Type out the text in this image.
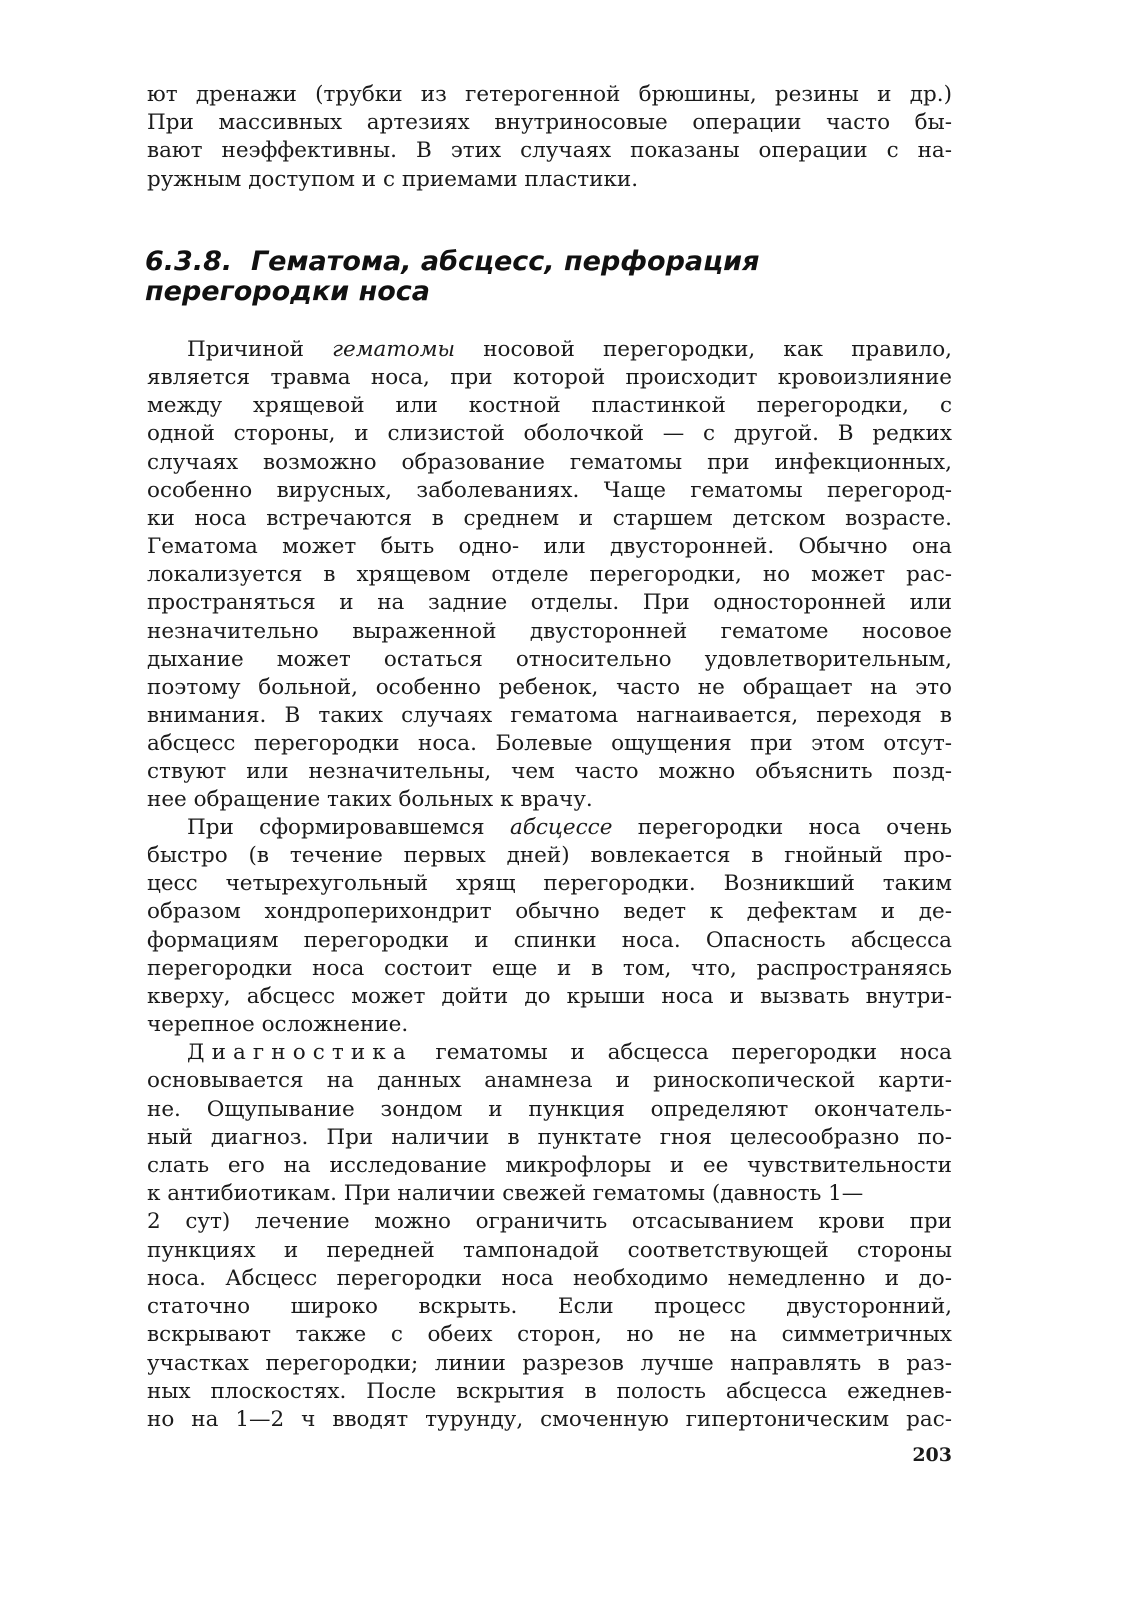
ют дренажи (трубки из гетерогенной брюшины, резины и др.)
При массивных артезиях внутриносовые операции часто бы-
вают неэффективны. В этих случаях показаны операции с на-
ружным доступом и с приемами пластики.
6.3.8. Гематома, абсцесс, перфорация
перегородки носа
Причиной гематомы носовой перегородки, как правило,
является травма носа, при которой происходит кровоизлияние
между хрящевой или костной пластинкой перегородки, с
одной стороны, и слизистой оболочкой — с другой. В редких
случаях возможно образование гематомы при инфекционных,
особенно вирусных, заболеваниях. Чаще гематомы перегород-
ки носа встречаются в среднем и старшем детском возрасте.
Гематома может быть одно- или двусторонней. Обычно она
локализуется в хрящевом отделе перегородки, но может рас-
пространяться и на задние отделы. При односторонней или
незначительно выраженной двусторонней гематоме носовое
дыхание может остаться относительно удовлетворительным,
поэтому больной, особенно ребенок, часто не обращает на это
внимания. В таких случаях гематома нагнаивается, переходя в
абсцесс перегородки носа. Болевые ощущения при этом отсут-
ствуют или незначительны, чем часто можно объяснить позд-
нее обращение таких больных к врачу.
При сформировавшемся абсцессе перегородки носа очень
быстро (в течение первых дней) вовлекается в гнойный про-
цесс четырехугольный хрящ перегородки. Возникший таким
образом хондроперихондрит обычно ведет к дефектам и де-
формациям перегородки и спинки носа. Опасность абсцесса
перегородки носа состоит еще и в том, что, распространяясь
кверху, абсцесс может дойти до крыши носа и вызвать внутри-
черепное осложнение.
Диагностика гематомы и абсцесса перегородки носа
основывается на данных анамнеза и риноскопической карти-
не. Ощупывание зондом и пункция определяют окончатель-
ный диагноз. При наличии в пунктате гноя целесообразно по-
слать его на исследование микрофлоры и ее чувствительности
к антибиотикам. При наличии свежей гематомы (давность 1—
2 сут) лечение можно ограничить отсасыванием крови при
пункциях и передней тампонадой соответствующей стороны
носа. Абсцесс перегородки носа необходимо немедленно и до-
статочно широко вскрыть. Если процесс двусторонний,
вскрывают также с обеих сторон, но не на симметричных
участках перегородки; линии разрезов лучше направлять в раз-
ных плоскостях. После вскрытия в полость абсцесса ежеднев-
но на 1—2 ч вводят турунду, смоченную гипертоническим рас-
203
